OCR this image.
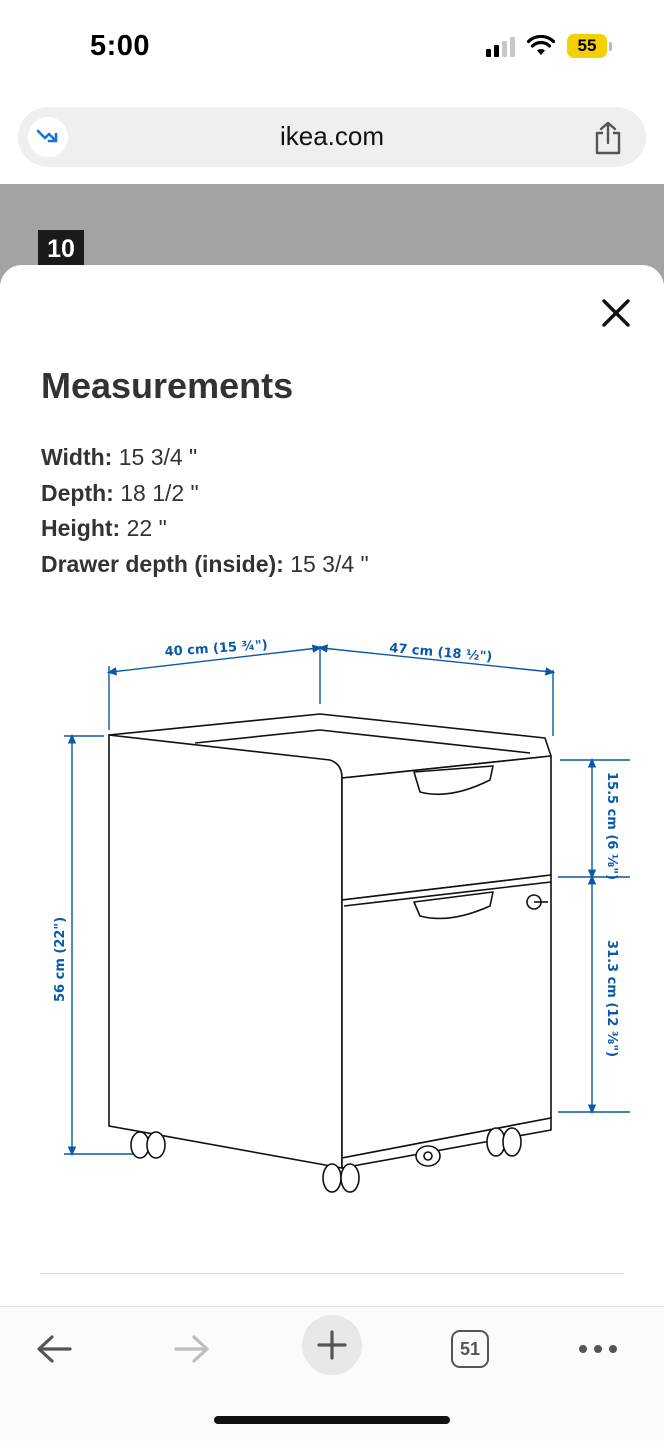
5:00	55
ikea.com
10
Measurements
Width: 15 3/4 "
Depth: 18 1/2 "
Height: 22 "
Drawer depth (inside): 15 3/4 "
40 cm (15 ¾")	47 cm (18 ½")
56 cm (22")
15.5 cm (6 ⅛")
31.3 cm (12 ⅜")
51
